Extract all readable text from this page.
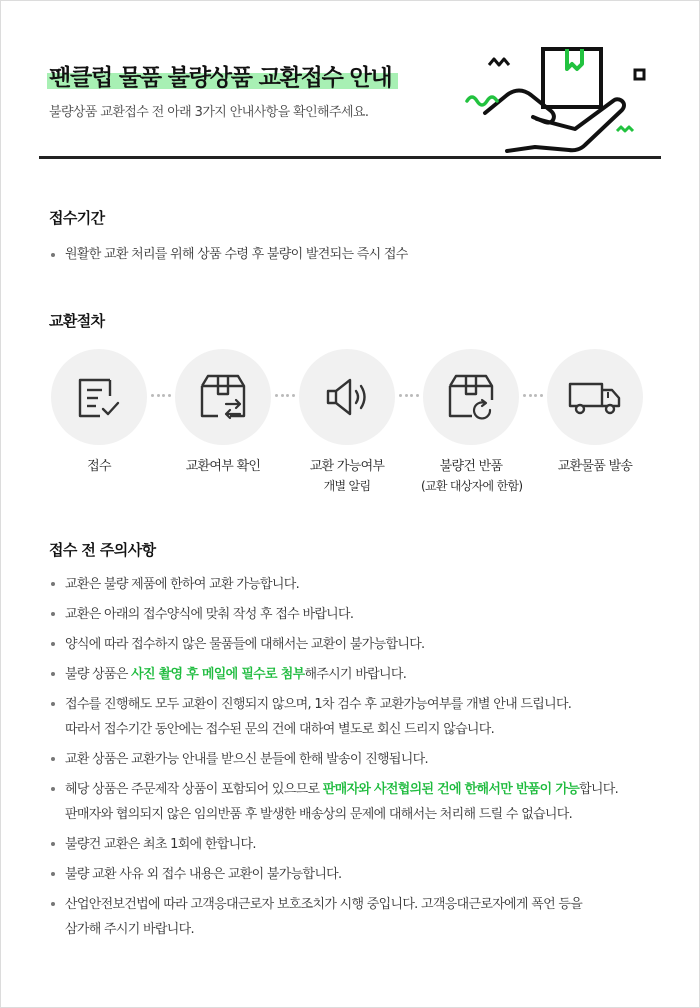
팬클럽 물품 불량상품 교환접수 안내
불량상품 교환접수 전 아래 3가지 안내사항을 확인해주세요.
접수기간
원활한 교환 처리를 위해 상품 수령 후 불량이 발견되는 즉시 접수
교환절차
접수	교환여부 확인	교환 가능여부
개별 알림
불량건 반품
(교환 대상자에 한함)
교환물품 발송
접수 전 주의사항
교환은 불량 제품에 한하여 교환 가능합니다.
교환은 아래의 접수양식에 맞춰 작성 후 접수 바랍니다.
양식에 따라 접수하지 않은 물품들에 대해서는 교환이 불가능합니다.
불량 상품은 사진 촬영 후 메일에 필수로 첨부해주시기 바랍니다.
접수를 진행해도 모두 교환이 진행되지 않으며, 1차 검수 후 교환가능여부를 개별 안내 드립니다.
따라서 접수기간 동안에는 접수된 문의 건에 대하여 별도로 회신 드리지 않습니다.
교환 상품은 교환가능 안내를 받으신 분들에 한해 발송이 진행됩니다.
헤당 상품은 주문제작 상품이 포함되어 있으므로 판매자와 사전협의된 건에 한해서만 반품이 가능합니다.
판매자와 협의되지 않은 임의반품 후 발생한 배송상의 문제에 대해서는 처리해 드릴 수 없습니다.
불량건 교환은 최초 1회에 한합니다.
불량 교환 사유 외 접수 내용은 교환이 불가능합니다.
산업안전보건법에 따라 고객응대근로자 보호조치가 시행 중입니다. 고객응대근로자에게 폭언 등을
삼가해 주시기 바랍니다.
